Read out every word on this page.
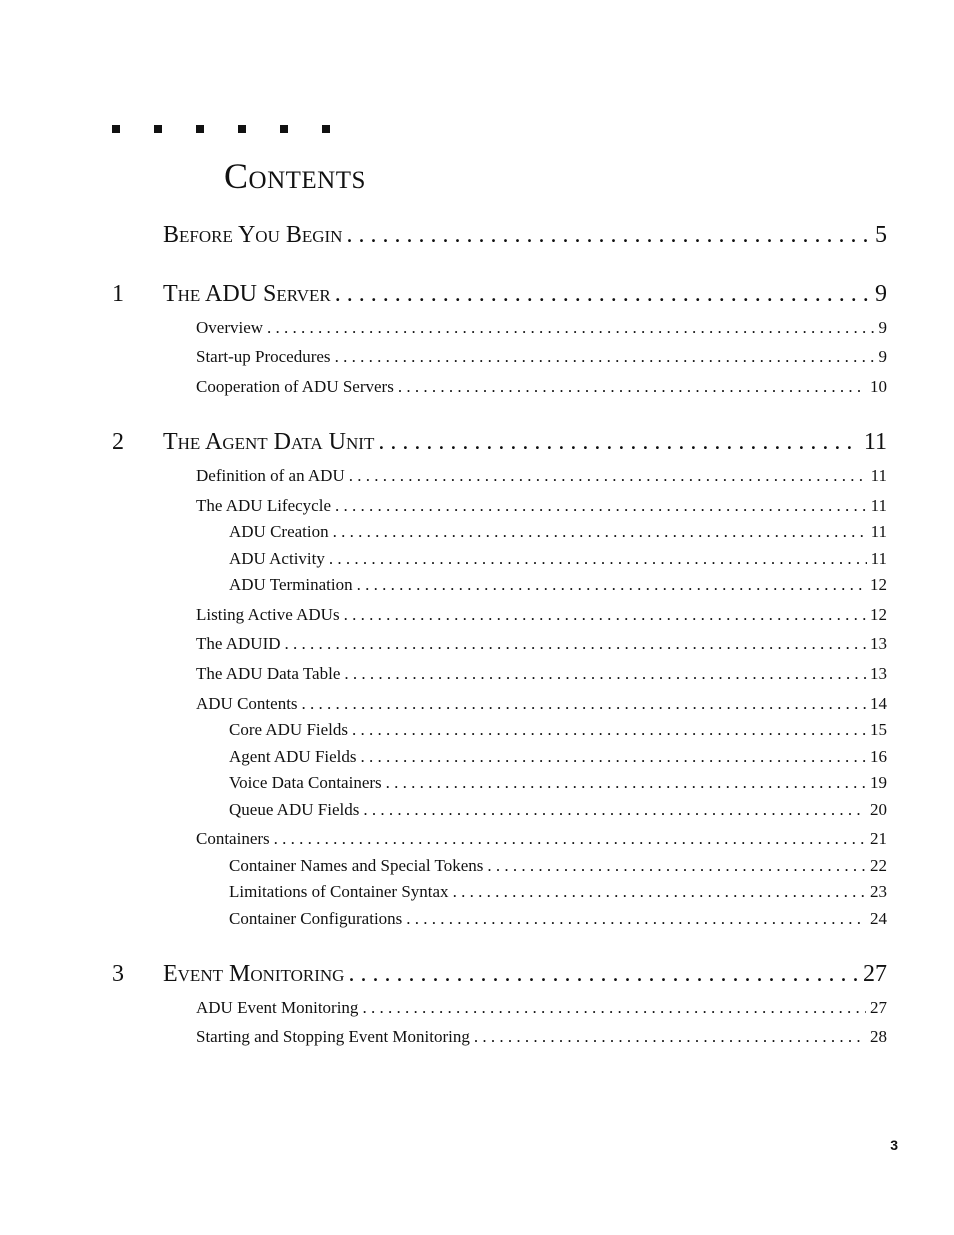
Contents
Before You Begin . . .	5
1 The ADU Server . . .	9
Overview . . .	9
Start-up Procedures . . .	9
Cooperation of ADU Servers . . .	10
2 The Agent Data Unit . . .	11
Definition of an ADU . . .	11
The ADU Lifecycle . . .	11
ADU Creation . . .	11
ADU Activity . . .	11
ADU Termination . . .	12
Listing Active ADUs . . .	12
The ADUID . . .	13
The ADU Data Table . . .	13
ADU Contents . . .	14
Core ADU Fields . . .	15
Agent ADU Fields . . .	16
Voice Data Containers . . .	19
Queue ADU Fields . . .	20
Containers . . .	21
Container Names and Special Tokens . . .	22
Limitations of Container Syntax . . .	23
Container Configurations . . .	24
3 Event Monitoring . . .	27
ADU Event Monitoring . . .	27
Starting and Stopping Event Monitoring . . .	28
3
